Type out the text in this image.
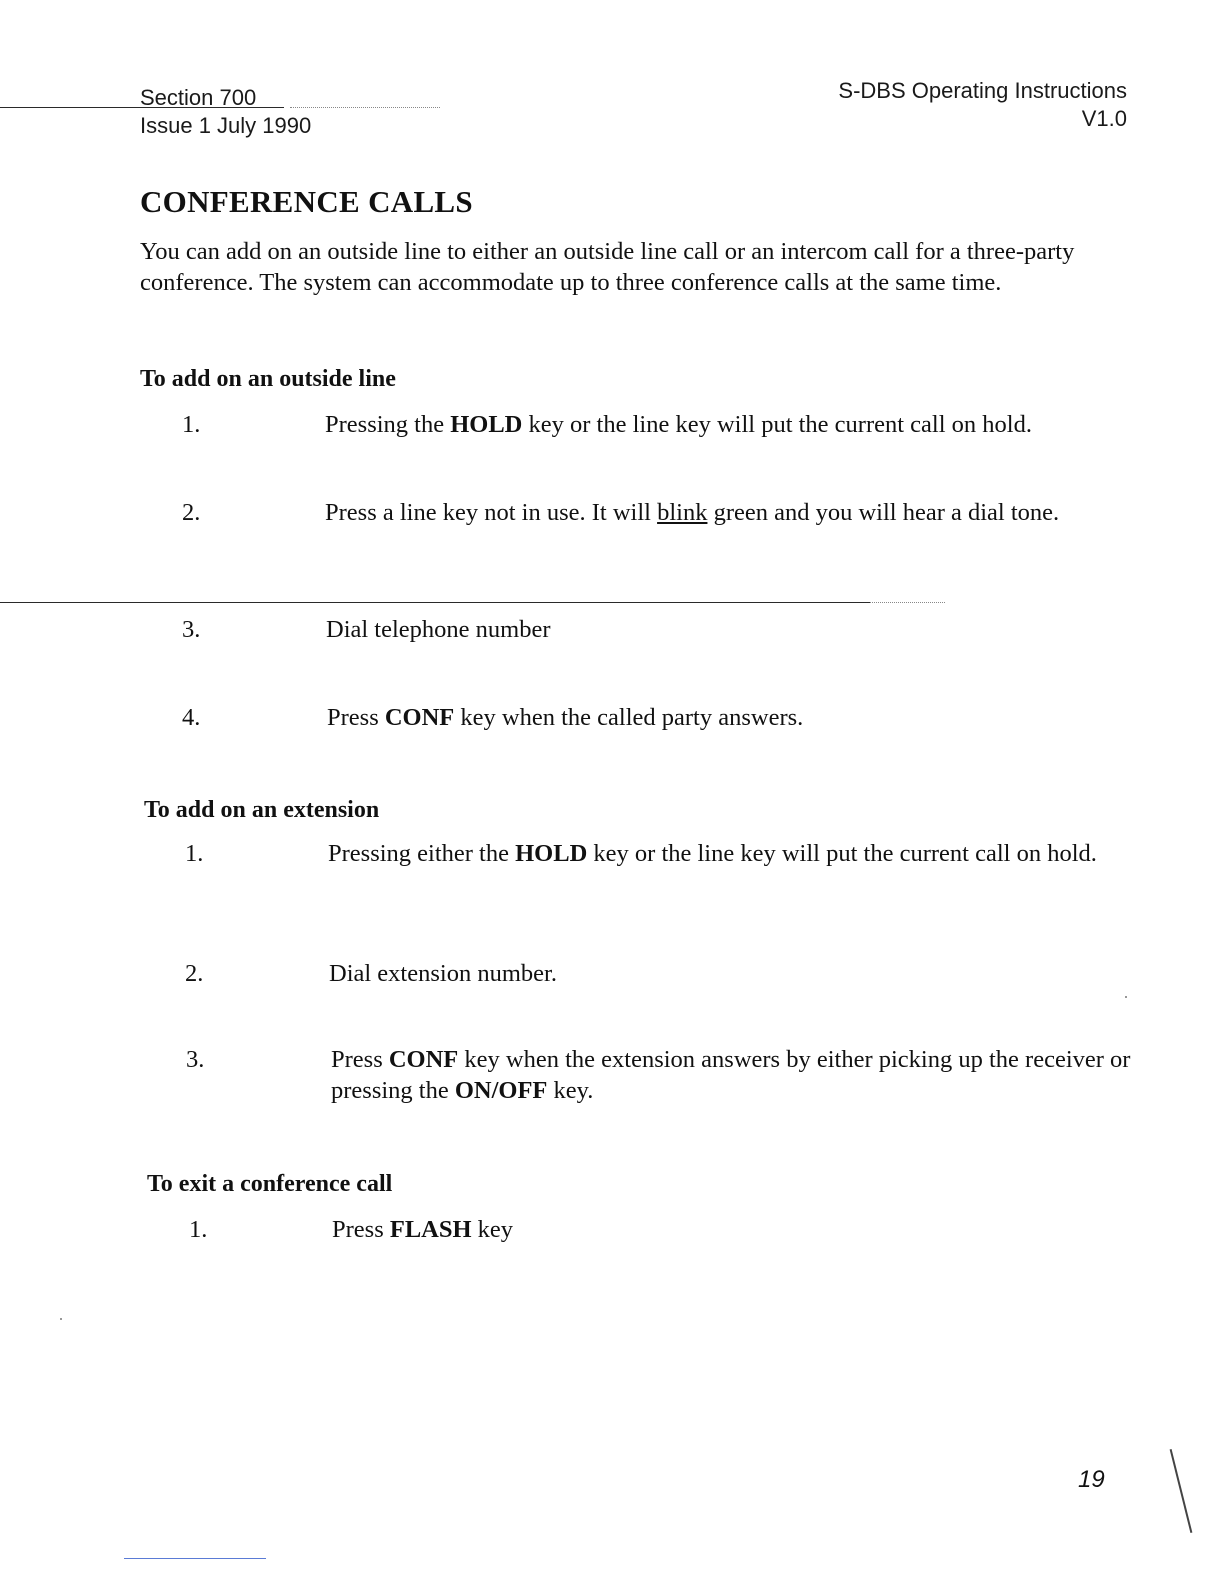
Section 700
Issue 1 July 1990
S-DBS Operating Instructions
V1.0
CONFERENCE CALLS

You can add on an outside line to either an outside line call or an intercom call for a three-party conference. The system can accommodate up to three conference calls at the same time.

To add on an outside line
1.	Pressing the HOLD key or the line key will put the current call on hold.
2.	Press a line key not in use. It will blink green and you will hear a dial tone.
3.	Dial telephone number
4.	Press CONF key when the called party answers.
To add on an extension
1.	Pressing either the HOLD key or the line key will put the current call on hold.
2.	Dial extension number.
3.	Press CONF key when the extension answers by either picking up the receiver or pressing the ON/OFF key.
To exit a conference call
1.	Press FLASH key
19
